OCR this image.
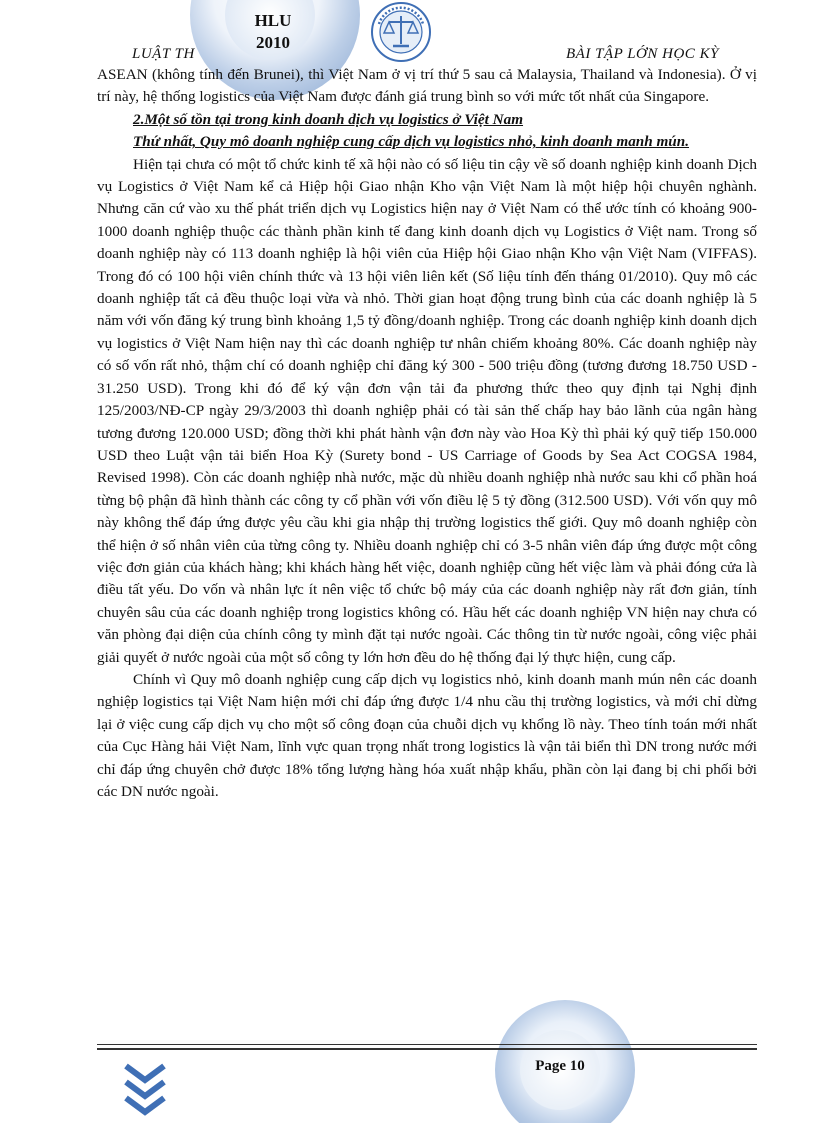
HLU
2010
LUẬT TH	BÀI TẬP LỚN HỌC KỲ

ASEAN (không tính đến Brunei), thì Việt Nam ở vị trí thứ 5 sau cả Malaysia, Thailand và Indonesia). Ở vị trí này, hệ thống logistics của Việt Nam được đánh giá trung bình so với mức tốt nhất của Singapore.

2.Một số tồn tại trong kinh doanh dịch vụ logistics ở Việt Nam

Thứ nhất, Quy mô doanh nghiệp cung cấp dịch vụ logistics nhỏ, kinh doanh manh mún.

Hiện tại chưa có một tổ chức kinh tế xã hội nào có số liệu tin cậy về số doanh nghiệp kinh doanh Dịch vụ Logistics ở Việt Nam kể cả Hiệp hội Giao nhận Kho vận Việt Nam là một hiệp hội chuyên nghành. Nhưng căn cứ vào xu thế phát triển dịch vụ Logistics hiện nay ở Việt Nam có thể ước tính có khoảng 900-1000 doanh nghiệp thuộc các thành phần kinh tế đang kinh doanh dịch vụ Logistics ở Việt nam. Trong số doanh nghiệp này có 113 doanh nghiệp là hội viên của Hiệp hội Giao nhận Kho vận Việt Nam (VIFFAS). Trong đó có 100 hội viên chính thức và 13 hội viên liên kết (Số liệu tính đến tháng 01/2010). Quy mô các doanh nghiệp tất cả đều thuộc loại vừa và nhỏ. Thời gian hoạt động trung bình của các doanh nghiệp là 5 năm với vốn đăng ký trung bình khoảng 1,5 tỷ đồng/doanh nghiệp. Trong các doanh nghiệp kinh doanh dịch vụ logistics ở Việt Nam hiện nay thì các doanh nghiệp tư nhân chiếm khoảng 80%. Các doanh nghiệp này có số vốn rất nhỏ, thậm chí có doanh nghiệp chỉ đăng ký 300 - 500 triệu đồng (tương đương 18.750 USD - 31.250 USD). Trong khi đó để ký vận đơn vận tải đa phương thức theo quy định tại Nghị định 125/2003/NĐ-CP ngày 29/3/2003 thì doanh nghiệp phải có tài sản thế chấp hay bảo lãnh của ngân hàng tương đương 120.000 USD; đồng thời khi phát hành vận đơn này vào Hoa Kỳ thì phải ký quỹ tiếp 150.000 USD theo Luật vận tải biển Hoa Kỳ (Surety bond - US Carriage of Goods by Sea Act COGSA 1984, Revised 1998). Còn các doanh nghiệp nhà nước, mặc dù nhiều doanh nghiệp nhà nước sau khi cổ phần hoá từng bộ phận đã hình thành các công ty cổ phần với vốn điều lệ 5 tỷ đồng (312.500 USD). Với vốn quy mô này không thể đáp ứng được yêu cầu khi gia nhập thị trường logistics thế giới. Quy mô doanh nghiệp còn thể hiện ở số nhân viên của từng công ty. Nhiều doanh nghiệp chỉ có 3-5 nhân viên đáp ứng được một công việc đơn giản của khách hàng; khi khách hàng hết việc, doanh nghiệp cũng hết việc làm và phải đóng cửa là điều tất yếu. Do vốn và nhân lực ít nên việc tổ chức bộ máy của các doanh nghiệp này rất đơn giản, tính chuyên sâu của các doanh nghiệp trong logistics không có. Hầu hết các doanh nghiệp VN hiện nay chưa có văn phòng đại diện của chính công ty mình đặt tại nước ngoài. Các thông tin từ nước ngoài, công việc phải giải quyết ở nước ngoài của một số công ty lớn hơn đều do hệ thống đại lý thực hiện, cung cấp.

Chính vì Quy mô doanh nghiệp cung cấp dịch vụ logistics nhỏ, kinh doanh manh mún nên các doanh nghiệp logistics tại Việt Nam hiện mới chỉ đáp ứng được 1/4 nhu cầu thị trường logistics, và mới chỉ dừng lại ở việc cung cấp dịch vụ cho một số công đoạn của chuỗi dịch vụ khổng lồ này. Theo tính toán mới nhất của Cục Hàng hải Việt Nam, lĩnh vực quan trọng nhất trong logistics là vận tải biển thì DN trong nước mới chỉ đáp ứng chuyên chở được 18% tổng lượng hàng hóa xuất nhập khẩu, phần còn lại đang bị chi phối bởi các DN nước ngoài.

Page 10
